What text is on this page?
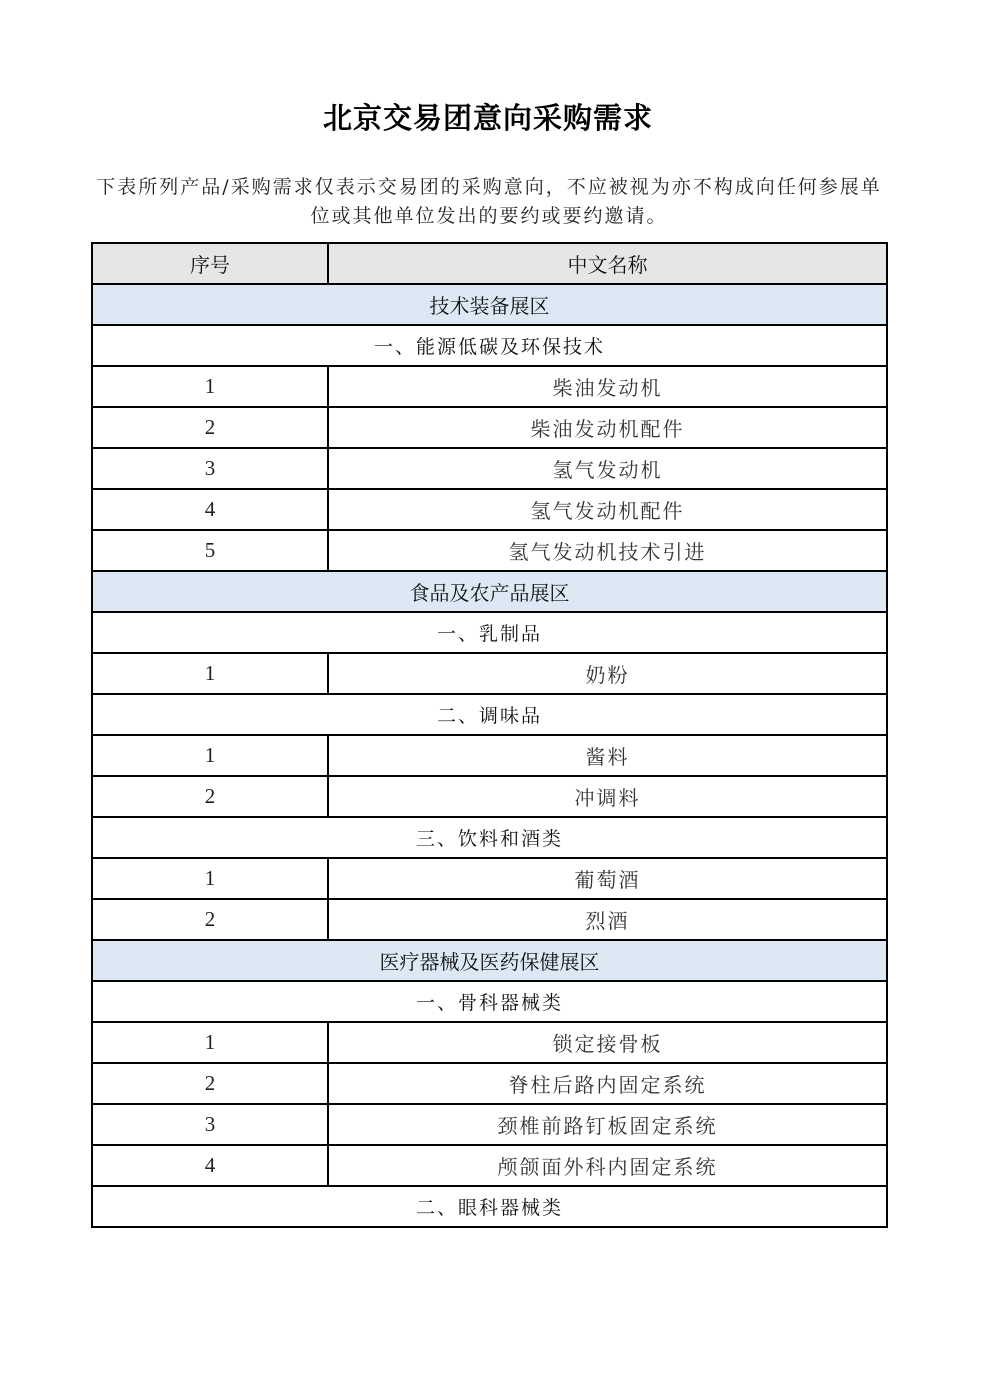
北京交易团意向采购需求
下表所列产品/采购需求仅表示交易团的采购意向，不应被视为亦不构成向任何参展单位或其他单位发出的要约或要约邀请。
序号	中文名称
技术装备展区	
一、能源低碳及环保技术	
1	柴油发动机
2	柴油发动机配件
3	氢气发动机
4	氢气发动机配件
5	氢气发动机技术引进
食品及农产品展区	
一、乳制品	
1	奶粉
二、调味品	
1	酱料
2	冲调料
三、饮料和酒类	
1	葡萄酒
2	烈酒
医疗器械及医药保健展区	
一、骨科器械类	
1	锁定接骨板
2	脊柱后路内固定系统
3	颈椎前路钉板固定系统
4	颅颌面外科内固定系统
二、眼科器械类	
